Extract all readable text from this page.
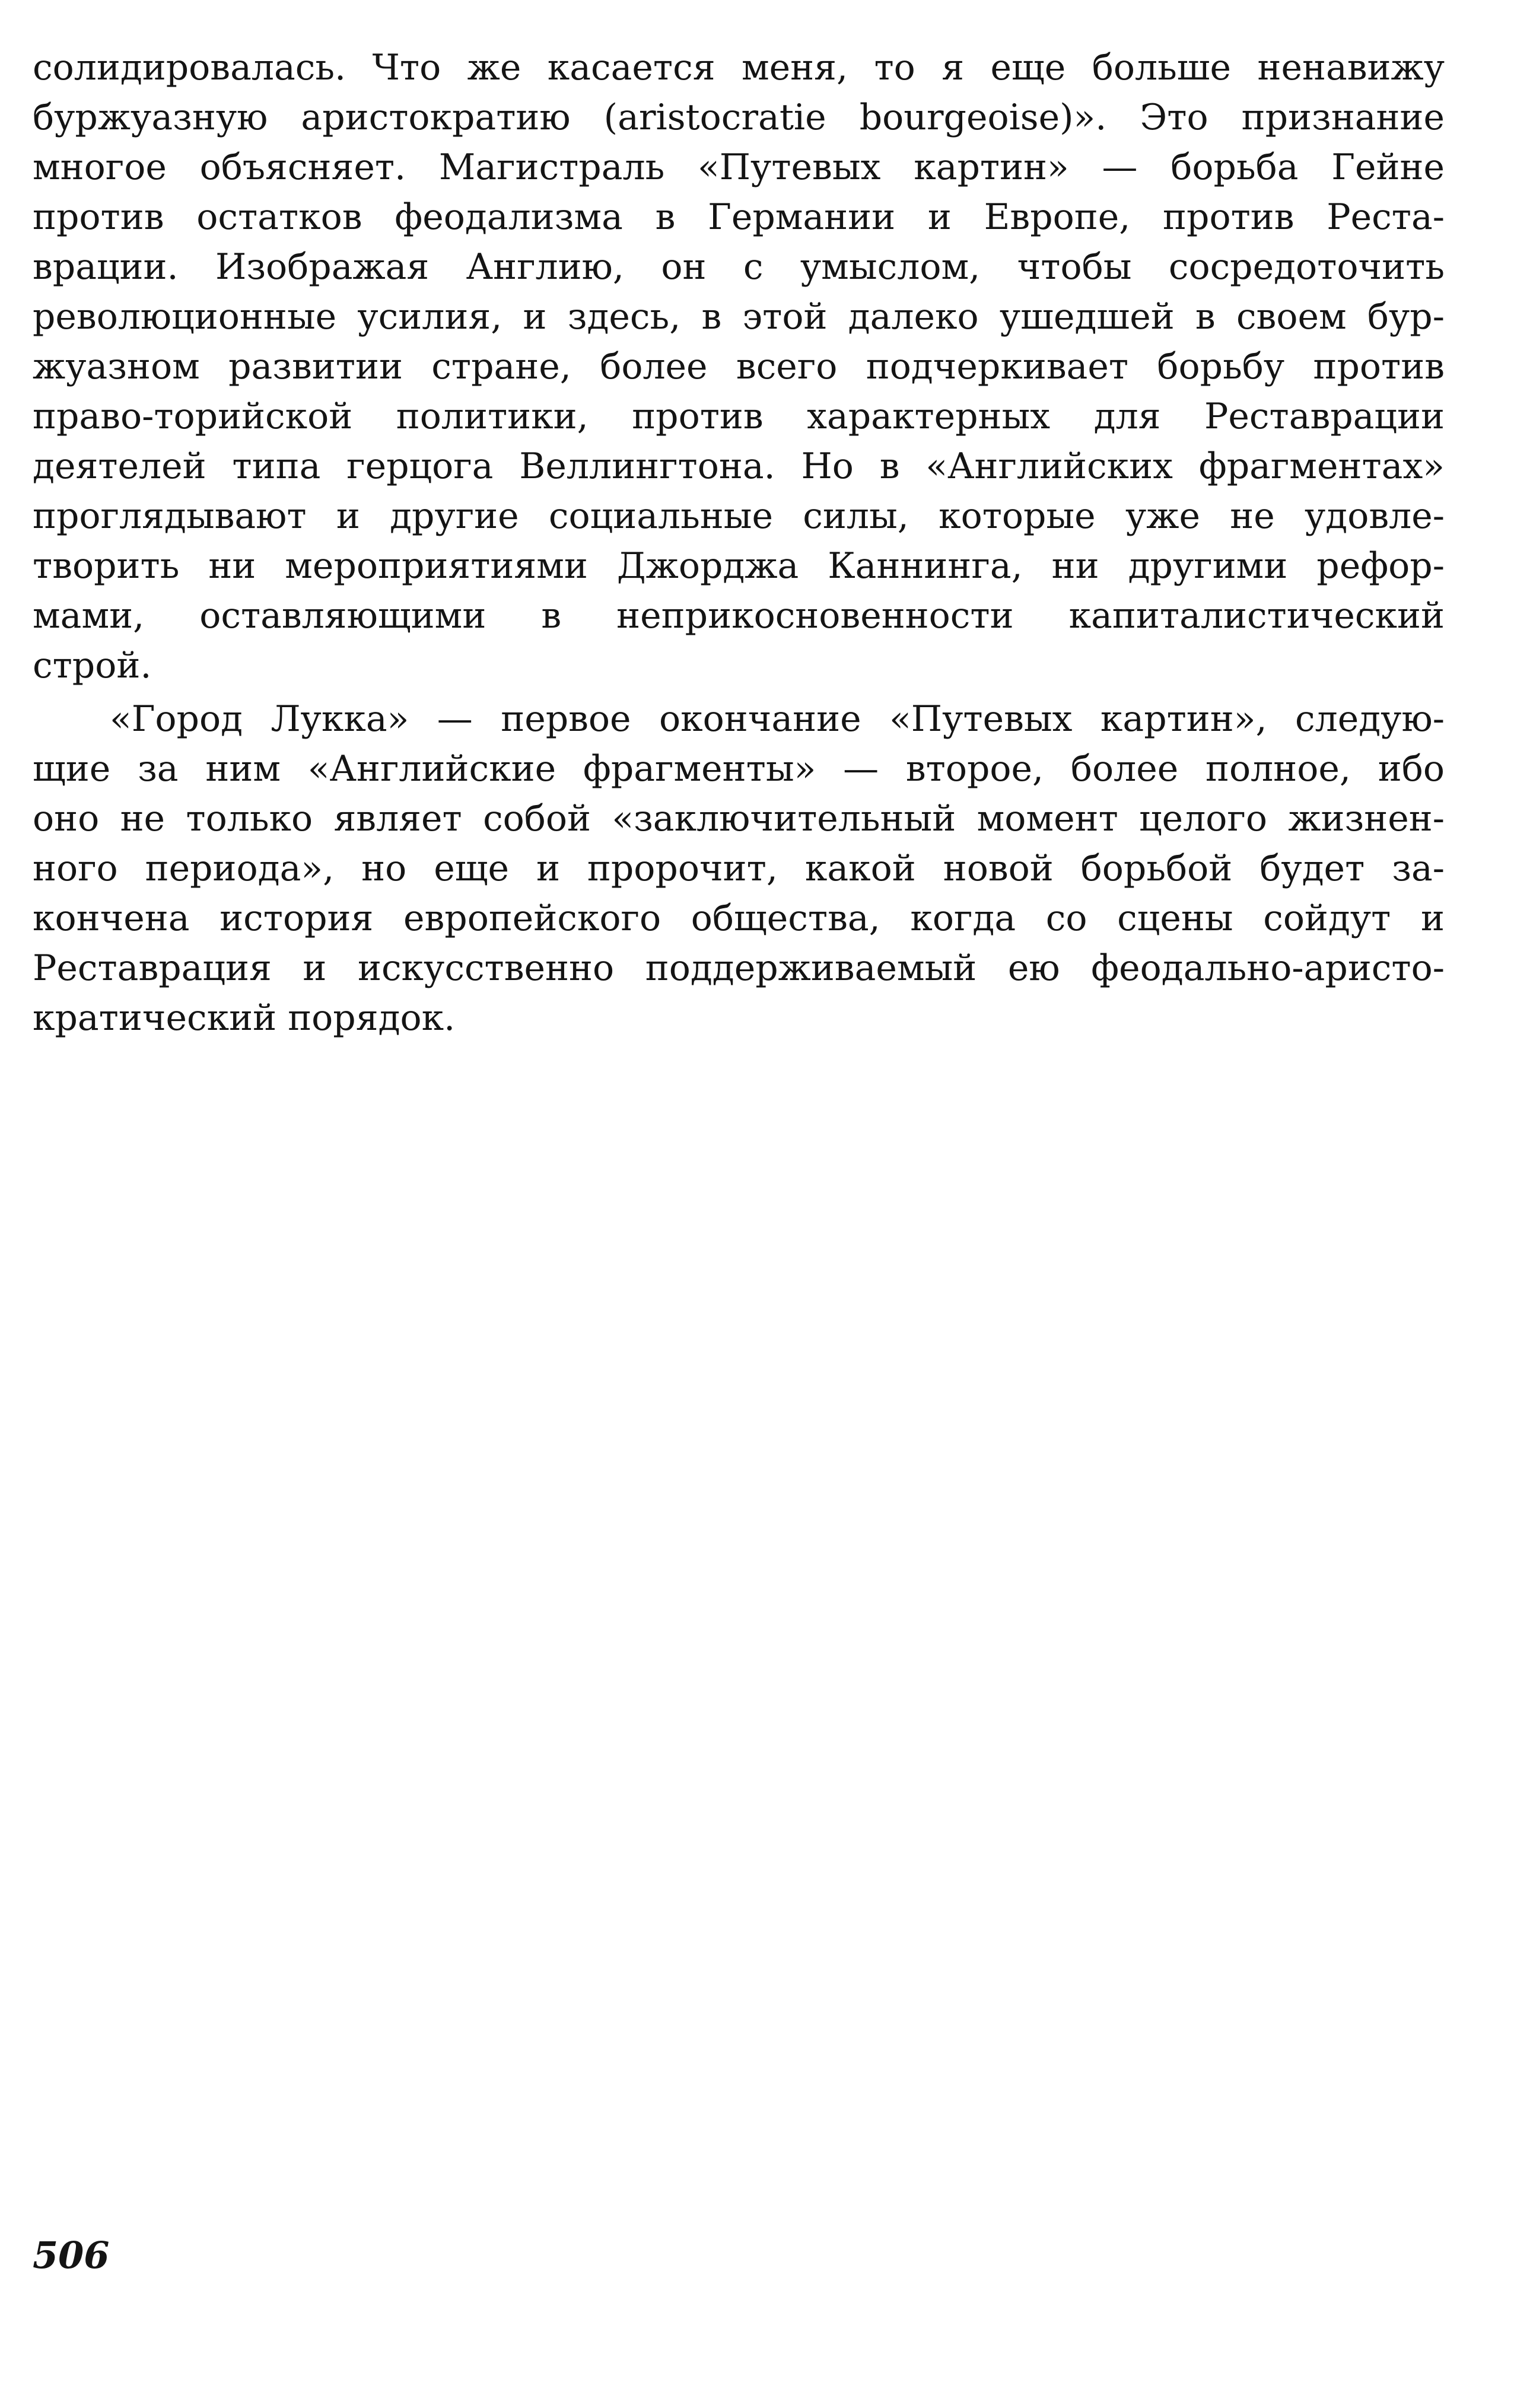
солидировалась. Что же касается меня, то я еще больше ненавижу
буржуазную аристократию (aristocratie bourgeoise)». Это признание
многое объясняет. Магистраль «Путевых картин» — борьба Гейне
против остатков феодализма в Германии и Европе, против Реста-
врации. Изображая Англию, он с умыслом, чтобы сосредоточить
революционные усилия, и здесь, в этой далеко ушедшей в своем бур-
жуазном развитии стране, более всего подчеркивает борьбу против
право-торийской политики, против характерных для Реставрации
деятелей типа герцога Веллингтона. Но в «Английских фрагментах»
проглядывают и другие социальные силы, которые уже не удовле-
творить ни мероприятиями Джорджа Каннинга, ни другими рефор-
мами, оставляющими в неприкосновенности капиталистический
строй.
«Город Лукка» — первое окончание «Путевых картин», следую-
щие за ним «Английские фрагменты» — второе, более полное, ибо
оно не только являет собой «заключительный момент целого жизнен-
ного периода», но еще и пророчит, какой новой борьбой будет за-
кончена история европейского общества, когда со сцены сойдут и
Реставрация и искусственно поддерживаемый ею феодально-аристо-
кратический порядок.
506
